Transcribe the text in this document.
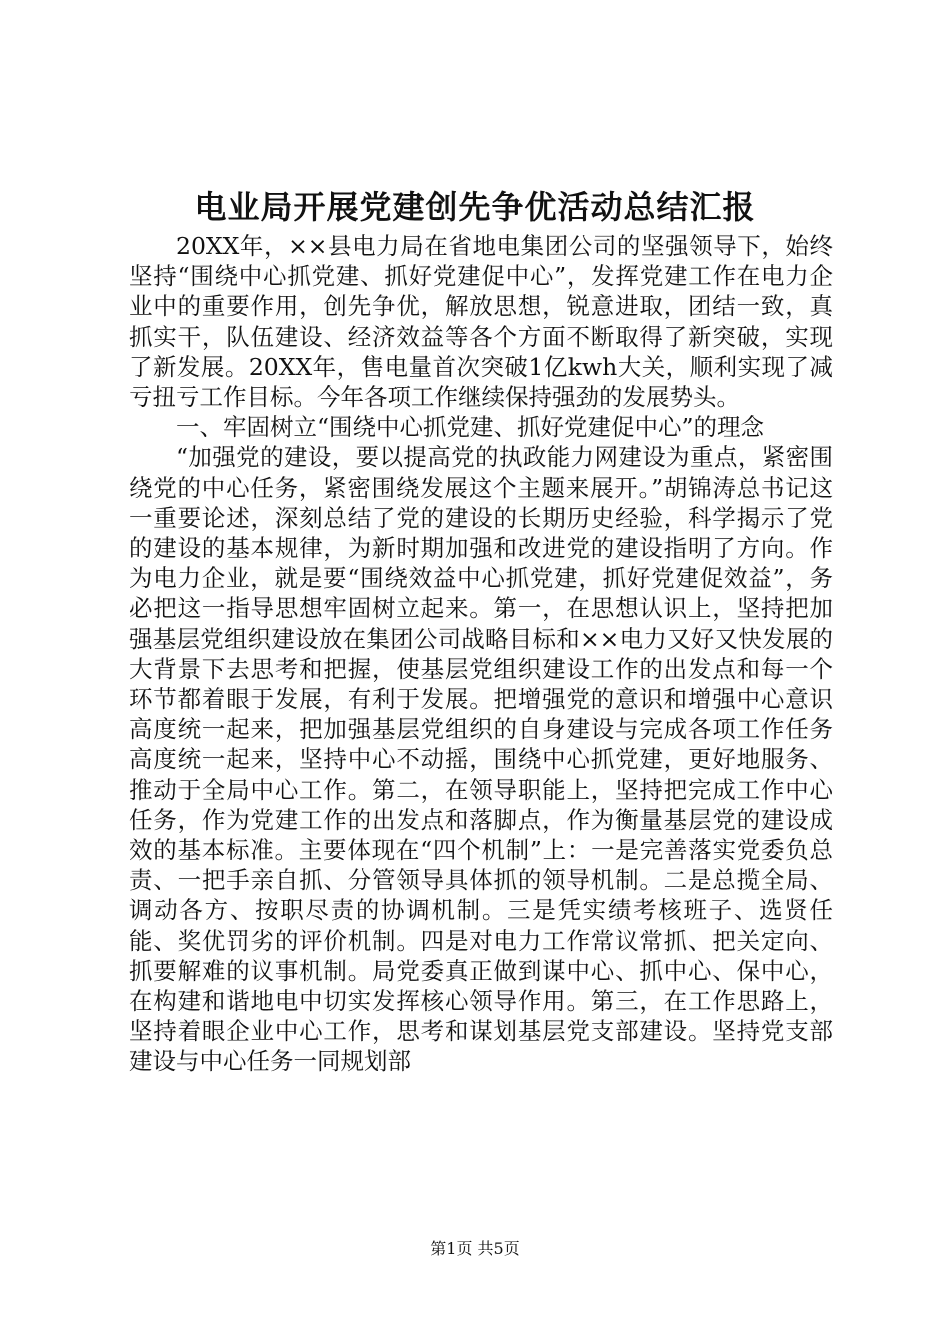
电业局开展党建创先争优活动总结汇报

20XX年，××县电力局在省地电集团公司的坚强领导下，始终坚持“围绕中心抓党建、抓好党建促中心”，发挥党建工作在电力企业中的重要作用，创先争优，解放思想，锐意进取，团结一致，真抓实干，队伍建设、经济效益等各个方面不断取得了新突破，实现了新发展。20XX年，售电量首次突破1亿kwh大关，顺利实现了减亏扭亏工作目标。今年各项工作继续保持强劲的发展势头。

一、牢固树立“围绕中心抓党建、抓好党建促中心”的理念

“加强党的建设，要以提高党的执政能力网建设为重点，紧密围绕党的中心任务，紧密围绕发展这个主题来展开。”胡锦涛总书记这一重要论述，深刻总结了党的建设的长期历史经验，科学揭示了党的建设的基本规律，为新时期加强和改进党的建设指明了方向。作为电力企业，就是要“围绕效益中心抓党建，抓好党建促效益”，务必把这一指导思想牢固树立起来。第一，在思想认识上，坚持把加强基层党组织建设放在集团公司战略目标和××电力又好又快发展的大背景下去思考和把握，使基层党组织建设工作的出发点和每一个环节都着眼于发展，有利于发展。把增强党的意识和增强中心意识高度统一起来，把加强基层党组织的自身建设与完成各项工作任务高度统一起来，坚持中心不动摇，围绕中心抓党建，更好地服务、推动于全局中心工作。第二，在领导职能上，坚持把完成工作中心任务，作为党建工作的出发点和落脚点，作为衡量基层党的建设成效的基本标准。主要体现在“四个机制”上：一是完善落实党委负总责、一把手亲自抓、分管领导具体抓的领导机制。二是总揽全局、调动各方、按职尽责的协调机制。三是凭实绩考核班子、选贤任能、奖优罚劣的评价机制。四是对电力工作常议常抓、把关定向、抓要解难的议事机制。局党委真正做到谋中心、抓中心、保中心，在构建和谐地电中切实发挥核心领导作用。第三，在工作思路上，坚持着眼企业中心工作，思考和谋划基层党支部建设。坚持党支部建设与中心任务一同规划部

第1页 共5页
